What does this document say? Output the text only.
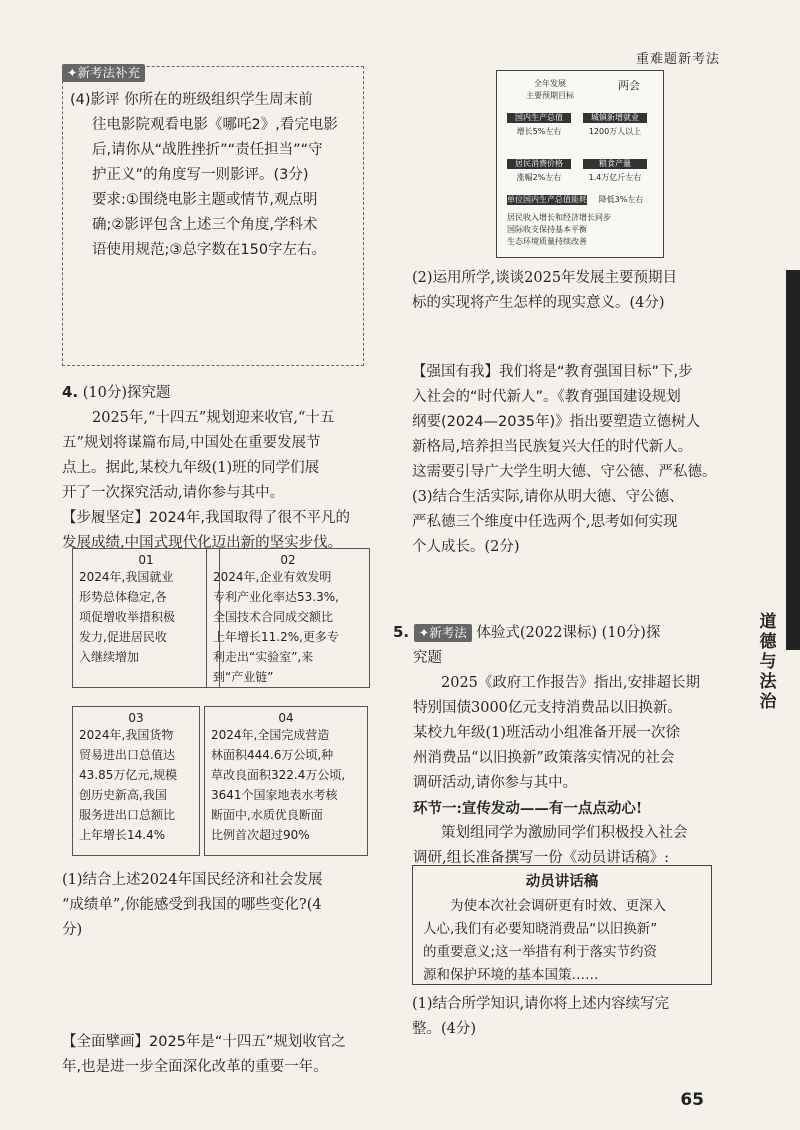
重难题新考法
道德与法治
✦新考法补充
(4)影评 你所在的班级组织学生周末前
往电影院观看电影《哪吒2》,看完电影
后,请你从“战胜挫折”“责任担当”“守
护正义”的角度写一则影评。(3分)
要求:①围绕电影主题或情节,观点明
确;②影评包含上述三个角度,学科术
语使用规范;③总字数在150字左右。
4. (10分)探究题
2025年,“十四五”规划迎来收官,“十五
五”规划将谋篇布局,中国处在重要发展节
点上。据此,某校九年级(1)班的同学们展
开了一次探究活动,请你参与其中。
【步履坚定】2024年,我国取得了很不平凡的
发展成绩,中国式现代化迈出新的坚实步伐。
01
2024年,我国就业
形势总体稳定,各
项促增收举措积极
发力,促进居民收
入继续增加
02
2024年,企业有效发明
专利产业化率达53.3%,
全国技术合同成交额比
上年增长11.2%,更多专
利走出“实验室”,来
到“产业链”
03
2024年,我国货物
贸易进出口总值达
43.85万亿元,规模
创历史新高,我国
服务进出口总额比
上年增长14.4%
04
2024年,全国完成营造
林面积444.6万公顷,种
草改良面积322.4万公顷,
3641个国家地表水考核
断面中,水质优良断面
比例首次超过90%
(1)结合上述2024年国民经济和社会发展
“成绩单”,你能感受到我国的哪些变化?(4
分)
【全面擘画】2025年是“十四五”规划收官之
年,也是进一步全面深化改革的重要一年。
全年发展
主要预期目标
两会
国内生产总值
增长5%左右
城镇新增就业
1200万人以上
居民消费价格
涨幅2%左右
粮食产量
1.4万亿斤左右
单位国内生产总值能耗	降低3%左右
居民收入增长和经济增长同步
国际收支保持基本平衡
生态环境质量持续改善
(2)运用所学,谈谈2025年发展主要预期目
标的实现将产生怎样的现实意义。(4分)
【强国有我】我们将是“教育强国目标”下,步
入社会的“时代新人”。《教育强国建设规划
纲要(2024—2035年)》指出要塑造立德树人
新格局,培养担当民族复兴大任的时代新人。
这需要引导广大学生明大德、守公德、严私德。
(3)结合生活实际,请你从明大德、守公德、
严私德三个维度中任选两个,思考如何实现
个人成长。(2分)
5. ✦新考法 体验式(2022课标) (10分)探
究题
2025《政府工作报告》指出,安排超长期
特别国债3000亿元支持消费品以旧换新。
某校九年级(1)班活动小组准备开展一次徐
州消费品“以旧换新”政策落实情况的社会
调研活动,请你参与其中。
环节一:宣传发动——有一点点动心!
策划组同学为激励同学们积极投入社会
调研,组长准备撰写一份《动员讲话稿》:
动员讲话稿
为使本次社会调研更有时效、更深入
人心,我们有必要知晓消费品“以旧换新”
的重要意义;这一举措有利于落实节约资
源和保护环境的基本国策……
(1)结合所学知识,请你将上述内容续写完
整。(4分)
65
